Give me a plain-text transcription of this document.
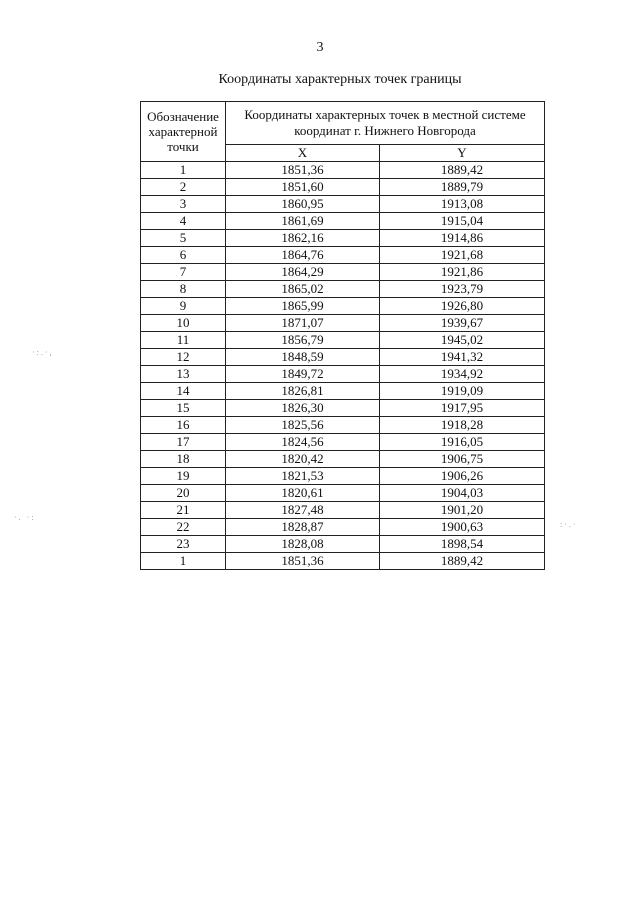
3
Координаты характерных точек границы
Обозначение характерной точки	Координаты характерных точек в местной системе координат г. Нижнего Новгорода	
	X	Y
1	1851,36	1889,42
2	1851,60	1889,79
3	1860,95	1913,08
4	1861,69	1915,04
5	1862,16	1914,86
6	1864,76	1921,68
7	1864,29	1921,86
8	1865,02	1923,79
9	1865,99	1926,80
10	1871,07	1939,67
11	1856,79	1945,02
12	1848,59	1941,32
13	1849,72	1934,92
14	1826,81	1919,09
15	1826,30	1917,95
16	1825,56	1918,28
17	1824,56	1916,05
18	1820,42	1906,75
19	1821,53	1906,26
20	1820,61	1904,03
21	1827,48	1901,20
22	1828,87	1900,63
23	1828,08	1898,54
1	1851,36	1889,42
·:.·,
·. ·:
:·.·
